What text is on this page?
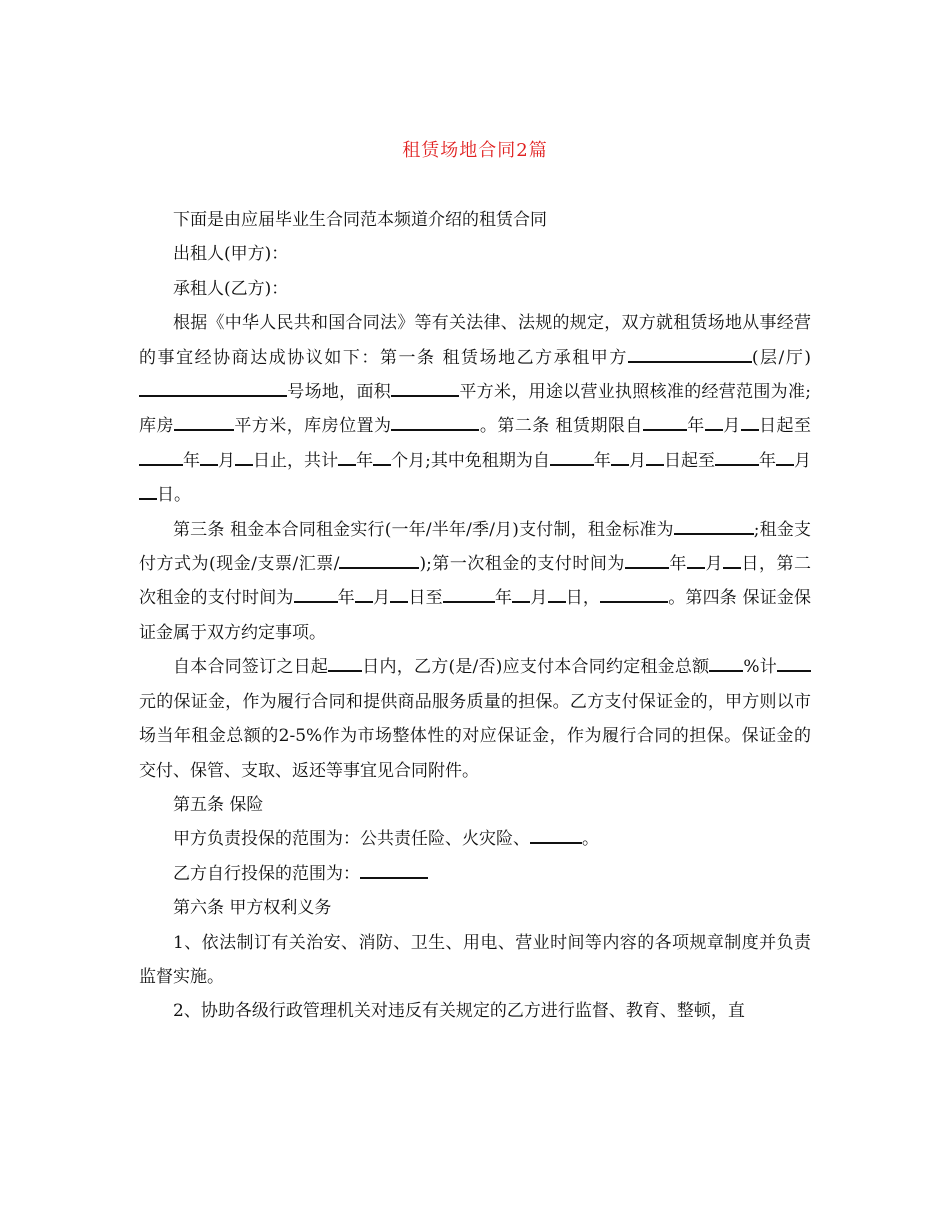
租赁场地合同2篇

下面是由应届毕业生合同范本频道介绍的租赁合同

出租人(甲方)：

承租人(乙方)：

根据《中华人民共和国合同法》等有关法律、法规的规定，双方就租赁场地从事经营的事宜经协商达成协议如下：第一条 租赁场地乙方承租甲方	(层/厅)号场地，面积	平方米，用途以营业执照核准的经营范围为准;库房	平方米，库房位置为	。第二条 租赁期限自	年 月 日起至年 月 日止，共计 年 个月;其中免租期为自	年 月 日起至	年 月日。

第三条 租金本合同租金实行(一年/半年/季/月)支付制，租金标准为	;租金支付方式为(现金/支票/汇票/	);第一次租金的支付时间为	年 月 日，第二次租金的支付时间为	年 月 日至	年 月 日，	。第四条 保证金保证金属于双方约定事项。

自本合同签订之日起 日内，乙方(是/否)应支付本合同约定租金总额 %计元的保证金，作为履行合同和提供商品服务质量的担保。乙方支付保证金的，甲方则以市场当年租金总额的2-5%作为市场整体性的对应保证金，作为履行合同的担保。保证金的交付、保管、支取、返还等事宜见合同附件。

第五条 保险

甲方负责投保的范围为：公共责任险、火灾险、	。

乙方自行投保的范围为：

第六条 甲方权利义务

1、依法制订有关治安、消防、卫生、用电、营业时间等内容的各项规章制度并负责监督实施。

2、协助各级行政管理机关对违反有关规定的乙方进行监督、教育、整顿，直
